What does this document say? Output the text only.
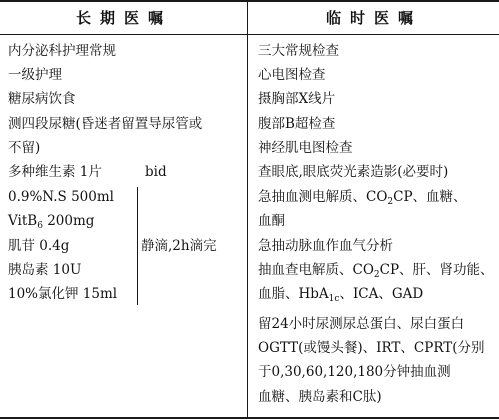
长期医嘱	临时医嘱
内分泌科护理常规
一级护理
糖尿病饮食
测四段尿糖(昏迷者留置导尿管或
不留)
多种维生素 1片	bid
0.9%N.S 500ml
VitB$_6$ 200mg
肌苷 0.4g
胰岛素 10U
10%氯化钾 15ml
静滴,2h滴完
三大常规检查
心电图检查
摄胸部X线片
腹部B超检查
神经肌电图检查
查眼底,眼底荧光素造影(必要时)
急抽血测电解质、$CO_2CP$、血糖、
血酮
急抽动脉血作血气分析
抽血查电解质、$CO_2CP$、肝、肾功能、
血脂、HbA$_{1c}$、ICA、GAD
留24小时尿测尿总蛋白、尿白蛋白
OGTT(或馒头餐)、IRT、CPRT(分别
于0,30,60,120,180分钟抽血测
血糖、胰岛素和C肽)
